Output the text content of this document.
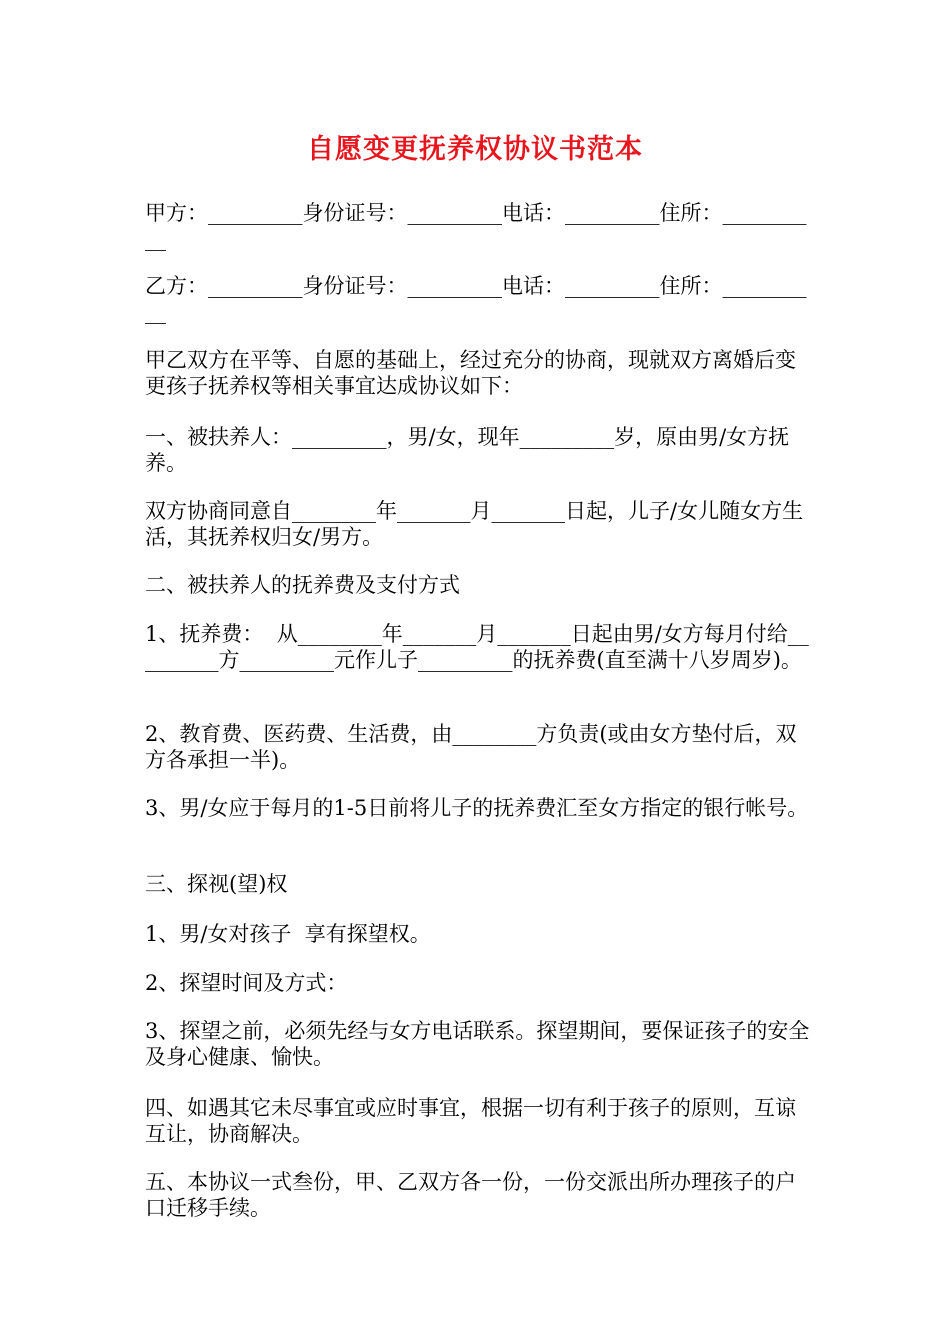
自愿变更抚养权协议书范本
甲方：_________身份证号：_________电话：_________住所：__________
乙方：_________身份证号：_________电话：_________住所：__________
甲乙双方在平等、自愿的基础上，经过充分的协商，现就双方离婚后变更孩子抚养权等相关事宜达成协议如下：
一、被扶养人：_________，男/女，现年_________岁，原由男/女方抚养。
双方协商同意自________年_______月_______日起，儿子/女儿随女方生活，其抚养权归女/男方。
二、被扶养人的抚养费及支付方式
1、抚养费：  从________年_______月_______日起由男/女方每月付给_________方_________元作儿子_________的抚养费(直至满十八岁周岁)。
2、教育费、医药费、生活费，由________方负责(或由女方垫付后，双方各承担一半)。
3、男/女应于每月的1-5日前将儿子的抚养费汇至女方指定的银行帐号。
三、探视(望)权
1、男/女对孩子  享有探望权。
2、探望时间及方式：
3、探望之前，必须先经与女方电话联系。探望期间，要保证孩子的安全及身心健康、愉快。
四、如遇其它未尽事宜或应时事宜，根据一切有利于孩子的原则，互谅互让，协商解决。
五、本协议一式叁份，甲、乙双方各一份，一份交派出所办理孩子的户口迁移手续。
